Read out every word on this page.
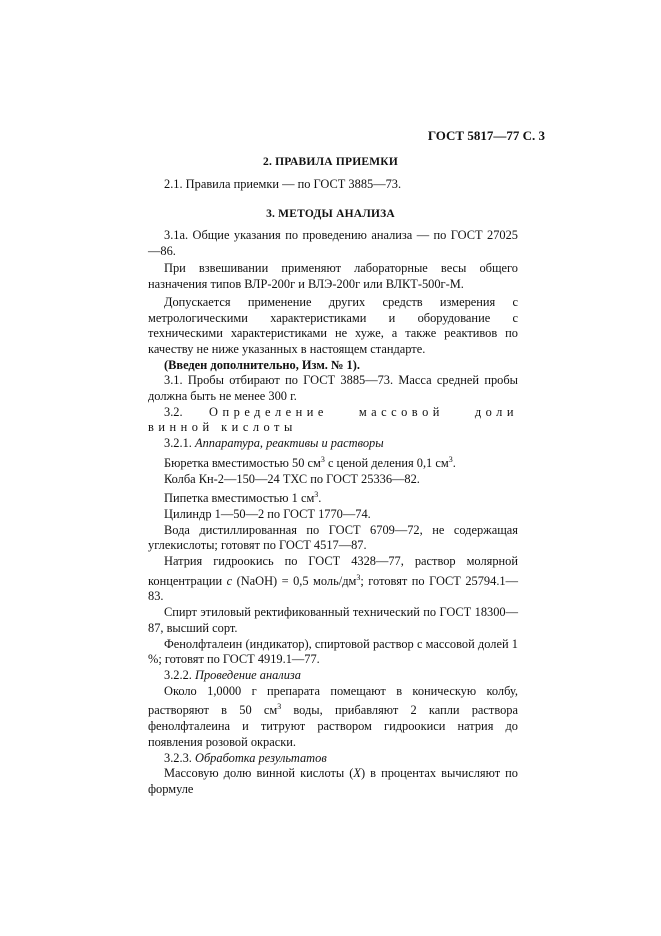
ГОСТ 5817—77 С. 3
2. ПРАВИЛА ПРИЕМКИ
2.1. Правила приемки — по ГОСТ 3885—73.
3. МЕТОДЫ АНАЛИЗА

3.1а. Общие указания по проведению анализа — по ГОСТ 27025—86.

При взвешивании применяют лабораторные весы общего назначения типов ВЛР-200г и ВЛЭ-200г или ВЛКТ-500г-М.

Допускается применение других средств измерения с метрологическими характеристиками и оборудование с техническими характеристиками не хуже, а также реактивов по качеству не ниже указанных в настоящем стандарте.

(Введен дополнительно, Изм. № 1).

3.1. Пробы отбирают по ГОСТ 3885—73. Масса средней пробы должна быть не менее 300 г.

3.2. Определение массовой доли винной кислоты

3.2.1. Аппаратура, реактивы и растворы

Бюретка вместимостью 50 $см^3$ с ценой деления 0,1 $см^3$.

Колба Кн-2—150—24 ТХС по ГОСТ 25336—82.

Пипетка вместимостью 1 $см^3$.

Цилиндр 1—50—2 по ГОСТ 1770—74.

Вода дистиллированная по ГОСТ 6709—72, не содержащая углекислоты; готовят по ГОСТ 4517—87.

Натрия гидроокись по ГОСТ 4328—77, раствор молярной концентрации c (NaOH) = 0,5 моль/$дм^3$; готовят по ГОСТ 25794.1—83.

Спирт этиловый ректификованный технический по ГОСТ 18300—87, высший сорт.

Фенолфталеин (индикатор), спиртовой раствор с массовой долей 1 %; готовят по ГОСТ 4919.1—77.

3.2.2. Проведение анализа

Около 1,0000 г препарата помещают в коническую колбу, растворяют в 50 $см^3$ воды, прибавляют 2 капли раствора фенолфталеина и титруют раствором гидроокиси натрия до появления розовой окраски.

3.2.3. Обработка результатов

Массовую долю винной кислоты (X) в процентах вычисляют по формуле
